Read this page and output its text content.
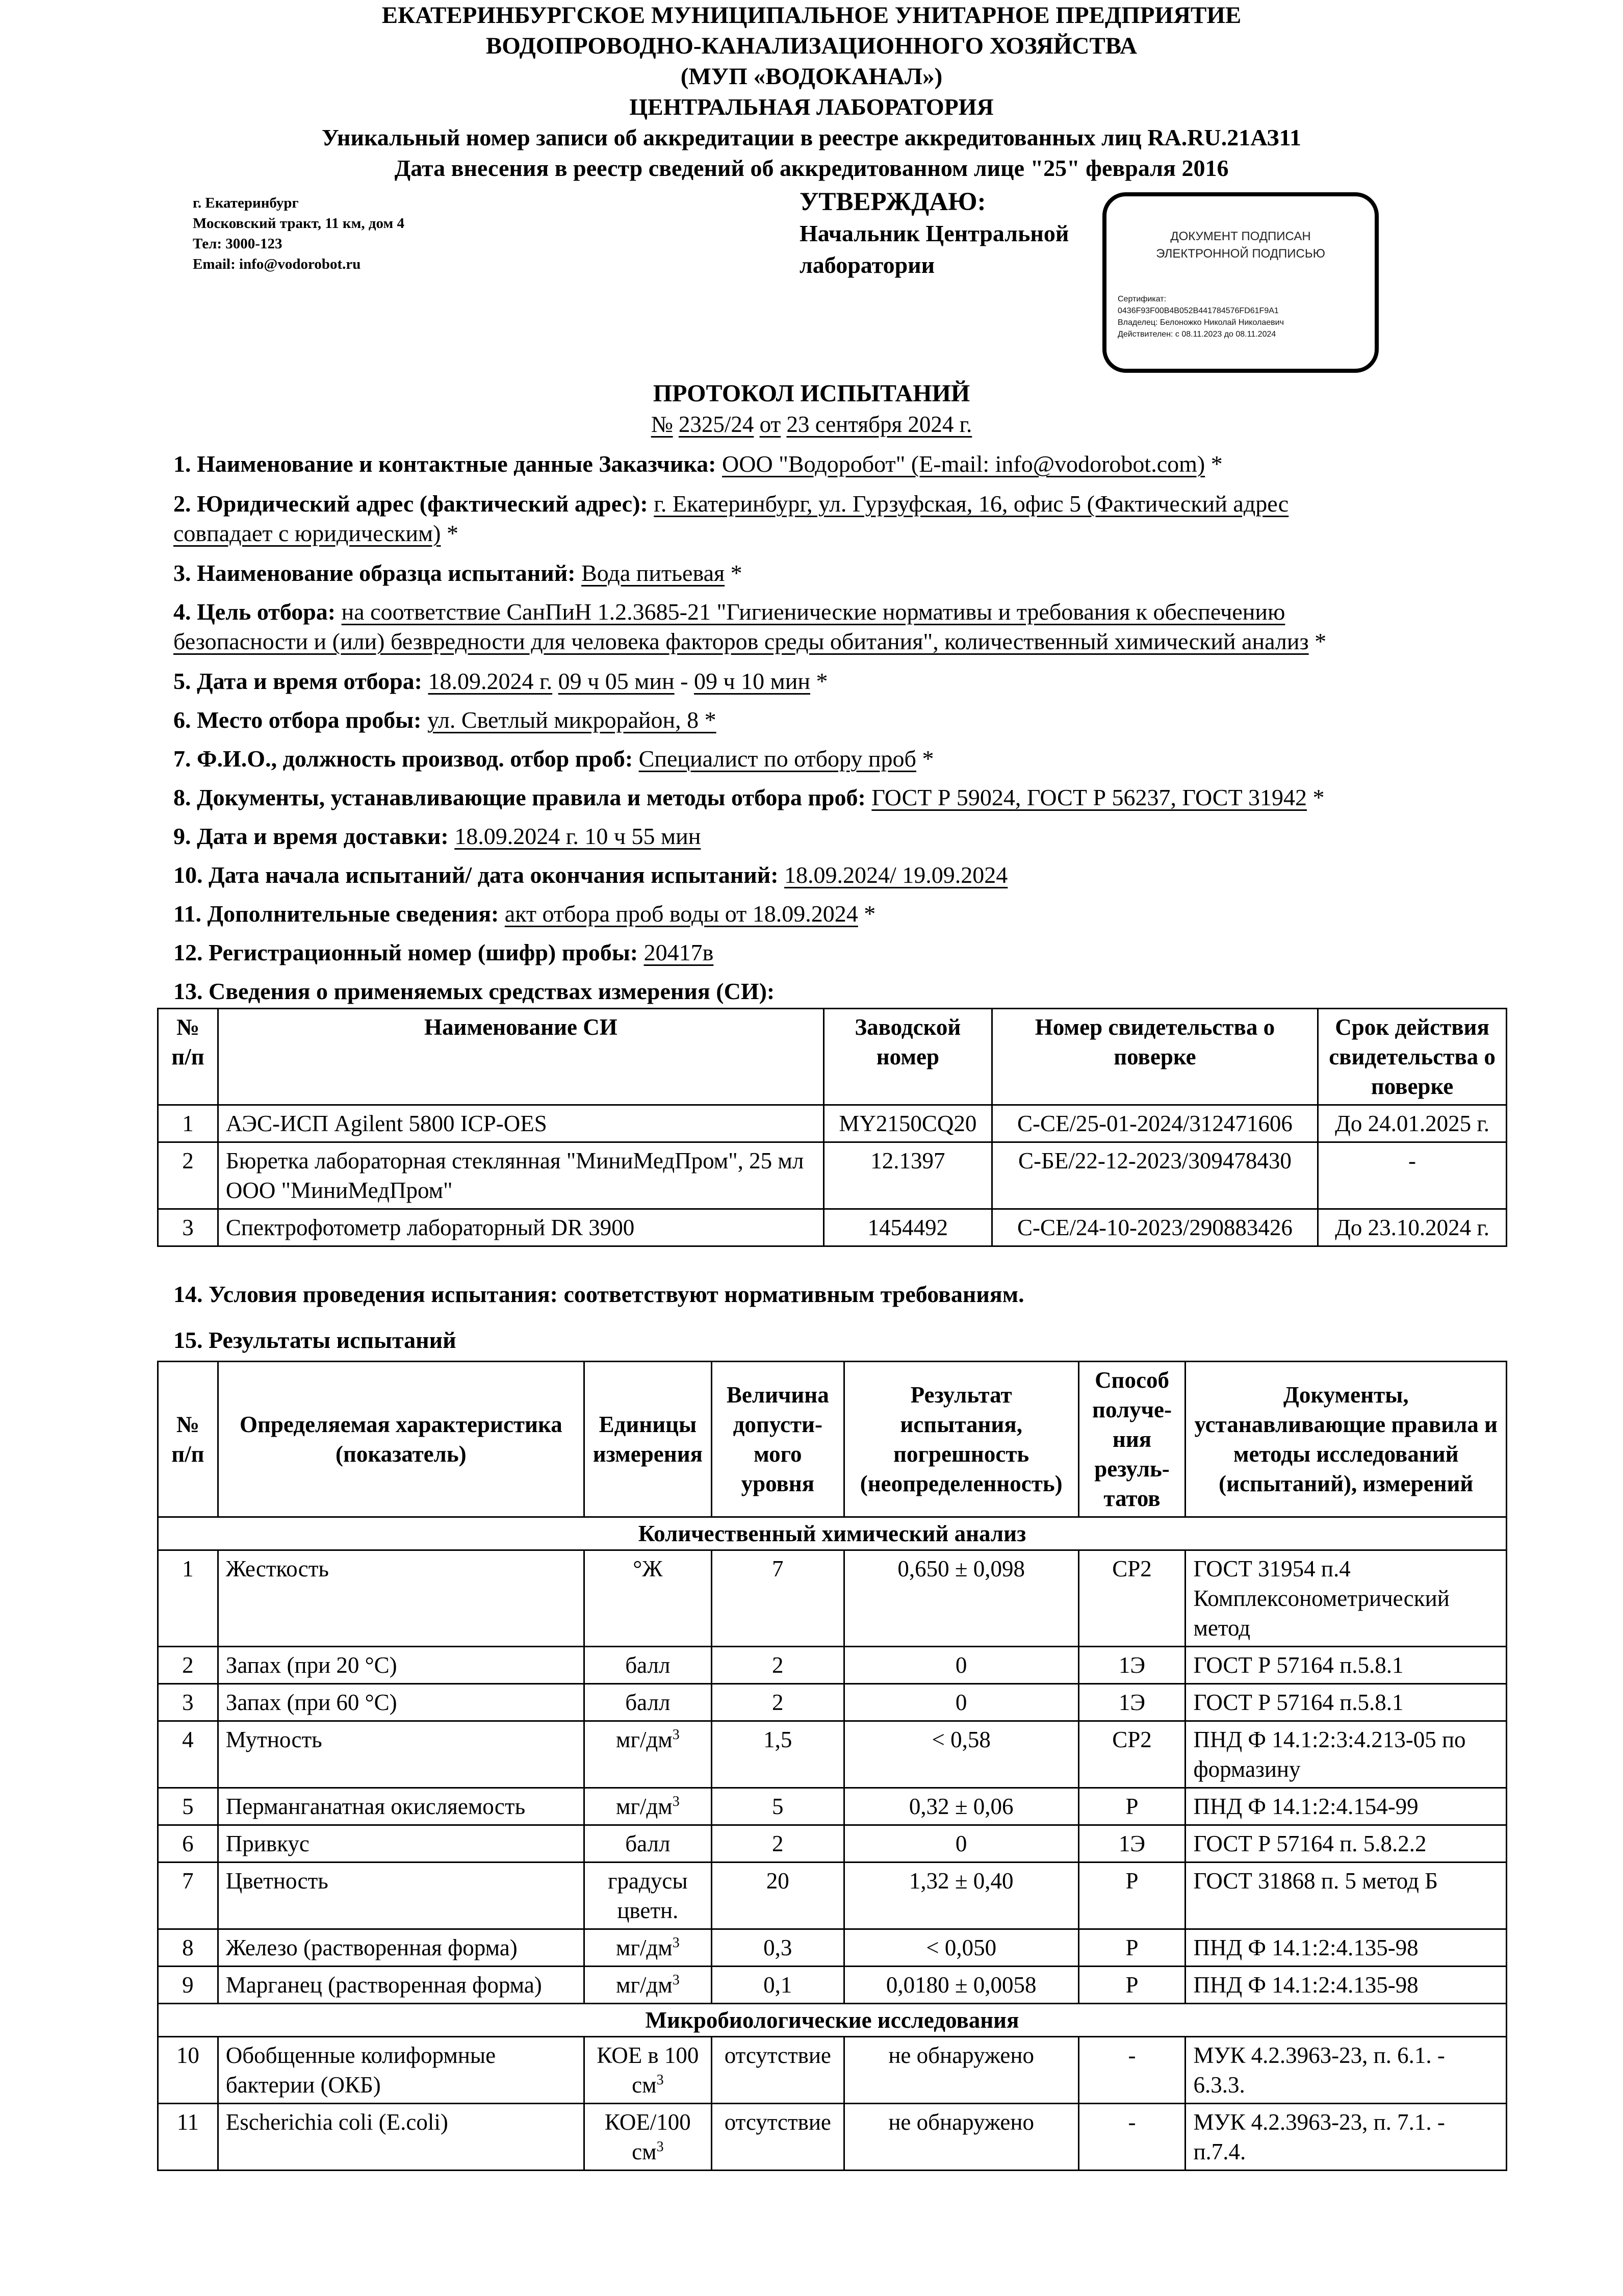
ЕКАТЕРИНБУРГСКОЕ МУНИЦИПАЛЬНОЕ УНИТАРНОЕ ПРЕДПРИЯТИЕ
ВОДОПРОВОДНО-КАНАЛИЗАЦИОННОГО ХОЗЯЙСТВА
(МУП «ВОДОКАНАЛ»)
ЦЕНТРАЛЬНАЯ ЛАБОРАТОРИЯ
Уникальный номер записи об аккредитации в реестре аккредитованных лиц RA.RU.21АЗ11
Дата внесения в реестр сведений об аккредитованном лице "25" февраля 2016
г. Екатеринбург
Московский тракт, 11 км, дом 4
Тел: 3000-123
Email: info@vodorobot.ru
УТВЕРЖДАЮ:
Начальник Центральной
лаборатории
ДОКУМЕНТ ПОДПИСАН
ЭЛЕКТРОННОЙ ПОДПИСЬЮ
Сертификат:
0436F93F00B4B052B441784576FD61F9A1
Владелец: Белоножко Николай Николаевич
Действителен: с 08.11.2023 до 08.11.2024
ПРОТОКОЛ ИСПЫТАНИЙ
№ 2325/24 от 23 сентября 2024 г.
1. Наименование и контактные данные Заказчика: ООО "Водоробот" (E-mail: info@vodorobot.com) *
2. Юридический адрес (фактический адрес): г. Екатеринбург, ул. Гурзуфская, 16, офис 5 (Фактический адрес
совпадает с юридическим) *
3. Наименование образца испытаний: Вода питьевая *
4. Цель отбора: на соответствие СанПиН 1.2.3685-21 "Гигиенические нормативы и требования к обеспечению
безопасности и (или) безвредности для человека факторов среды обитания", количественный химический анализ *
5. Дата и время отбора: 18.09.2024 г. 09 ч 05 мин - 09 ч 10 мин *
6. Место отбора пробы: ул. Светлый микрорайон, 8 *
7. Ф.И.О., должность производ. отбор проб: Специалист по отбору проб *
8. Документы, устанавливающие правила и методы отбора проб: ГОСТ Р 59024, ГОСТ Р 56237, ГОСТ 31942 *
9. Дата и время доставки: 18.09.2024 г. 10 ч 55 мин
10. Дата начала испытаний/ дата окончания испытаний: 18.09.2024/ 19.09.2024
11. Дополнительные сведения: акт отбора проб воды от 18.09.2024 *
12. Регистрационный номер (шифр) пробы: 20417в
13. Сведения о применяемых средствах измерения (СИ):
№ п/п	Наименование СИ	Заводской номер	Номер свидетельства о поверке	Срок действия свидетельства о поверке
1	АЭС-ИСП Agilent 5800 ICP-OES	MY2150CQ20	С-СЕ/25-01-2024/312471606	До 24.01.2025 г.
2	Бюретка лабораторная стеклянная "МиниМедПром", 25 мл ООО "МиниМедПром"	12.1397	С-БЕ/22-12-2023/309478430	-
3	Спектрофотометр лабораторный DR 3900	1454492	С-СЕ/24-10-2023/290883426	До 23.10.2024 г.
14. Условия проведения испытания: соответствуют нормативным требованиям.
15. Результаты испытаний
№ п/п	Определяемая характеристика (показатель)	Единицы измерения	Величина допусти-мого уровня	Результат испытания, погрешность (неопределенность)	Способ получе-ния резуль-татов	Документы, устанавливающие правила и методы исследований (испытаний), измерений
Количественный химический анализ						
1	Жесткость	°Ж	7	0,650 ± 0,098	СР2	ГОСТ 31954 п.4 Комплексонометрический метод
2	Запах (при 20 °С)	балл	2	0	1Э	ГОСТ Р 57164 п.5.8.1
3	Запах (при 60 °С)	балл	2	0	1Э	ГОСТ Р 57164 п.5.8.1
4	Мутность	$мг/дм^3$	1,5	< 0,58	СР2	ПНД Ф 14.1:2:3:4.213-05 по формазину
5	Перманганатная окисляемость	$мг/дм^3$	5	0,32 ± 0,06	Р	ПНД Ф 14.1:2:4.154-99
6	Привкус	балл	2	0	1Э	ГОСТ Р 57164 п. 5.8.2.2
7	Цветность	градусы цветн.	20	1,32 ± 0,40	Р	ГОСТ 31868 п. 5 метод Б
8	Железо (растворенная форма)	$мг/дм^3$	0,3	< 0,050	Р	ПНД Ф 14.1:2:4.135-98
9	Марганец (растворенная форма)	$мг/дм^3$	0,1	0,0180 ± 0,0058	Р	ПНД Ф 14.1:2:4.135-98
Микробиологические исследования						
10	Обобщенные колиформные бактерии (ОКБ)	КОЕ в 100 $см^3$	отсутствие	не обнаружено	-	МУК 4.2.3963-23, п. 6.1. - 6.3.3.
11	Escherichia coli (E.coli)	КОЕ/100 $см^3$	отсутствие	не обнаружено	-	МУК 4.2.3963-23, п. 7.1. - п.7.4.
